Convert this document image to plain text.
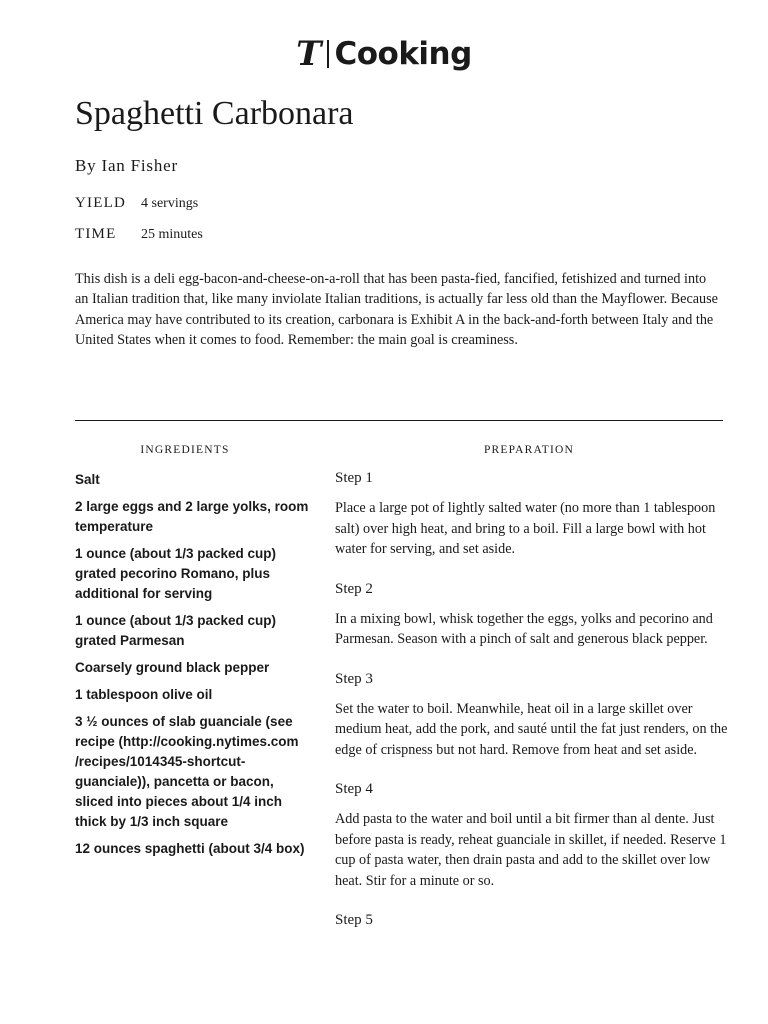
T Cooking
Spaghetti Carbonara
By Ian Fisher
YIELD 4 servings
TIME 25 minutes

This dish is a deli egg-bacon-and-cheese-on-a-roll that has been pasta-fied, fancified, fetishized and turned into an Italian tradition that, like many inviolate Italian traditions, is actually far less old than the Mayflower. Because America may have contributed to its creation, carbonara is Exhibit A in the back-and-forth between Italy and the United States when it comes to food. Remember: the main goal is creaminess.

INGREDIENTS	PREPARATION
Salt
2 large eggs and 2 large yolks, room temperature
1 ounce (about 1/3 packed cup) grated pecorino Romano, plus additional for serving
1 ounce (about 1/3 packed cup) grated Parmesan
Coarsely ground black pepper
1 tablespoon olive oil
3 ½ ounces of slab guanciale (see recipe (http://cooking.nytimes.com /recipes/1014345-shortcut-guanciale)), pancetta or bacon, sliced into pieces about 1/4 inch thick by 1/3 inch square
12 ounces spaghetti (about 3/4 box)
Step 1

Place a large pot of lightly salted water (no more than 1 tablespoon salt) over high heat, and bring to a boil. Fill a large bowl with hot water for serving, and set aside.

Step 2

In a mixing bowl, whisk together the eggs, yolks and pecorino and Parmesan. Season with a pinch of salt and generous black pepper.

Step 3

Set the water to boil. Meanwhile, heat oil in a large skillet over medium heat, add the pork, and sauté until the fat just renders, on the edge of crispness but not hard. Remove from heat and set aside.

Step 4

Add pasta to the water and boil until a bit firmer than al dente. Just before pasta is ready, reheat guanciale in skillet, if needed. Reserve 1 cup of pasta water, then drain pasta and add to the skillet over low heat. Stir for a minute or so.

Step 5
